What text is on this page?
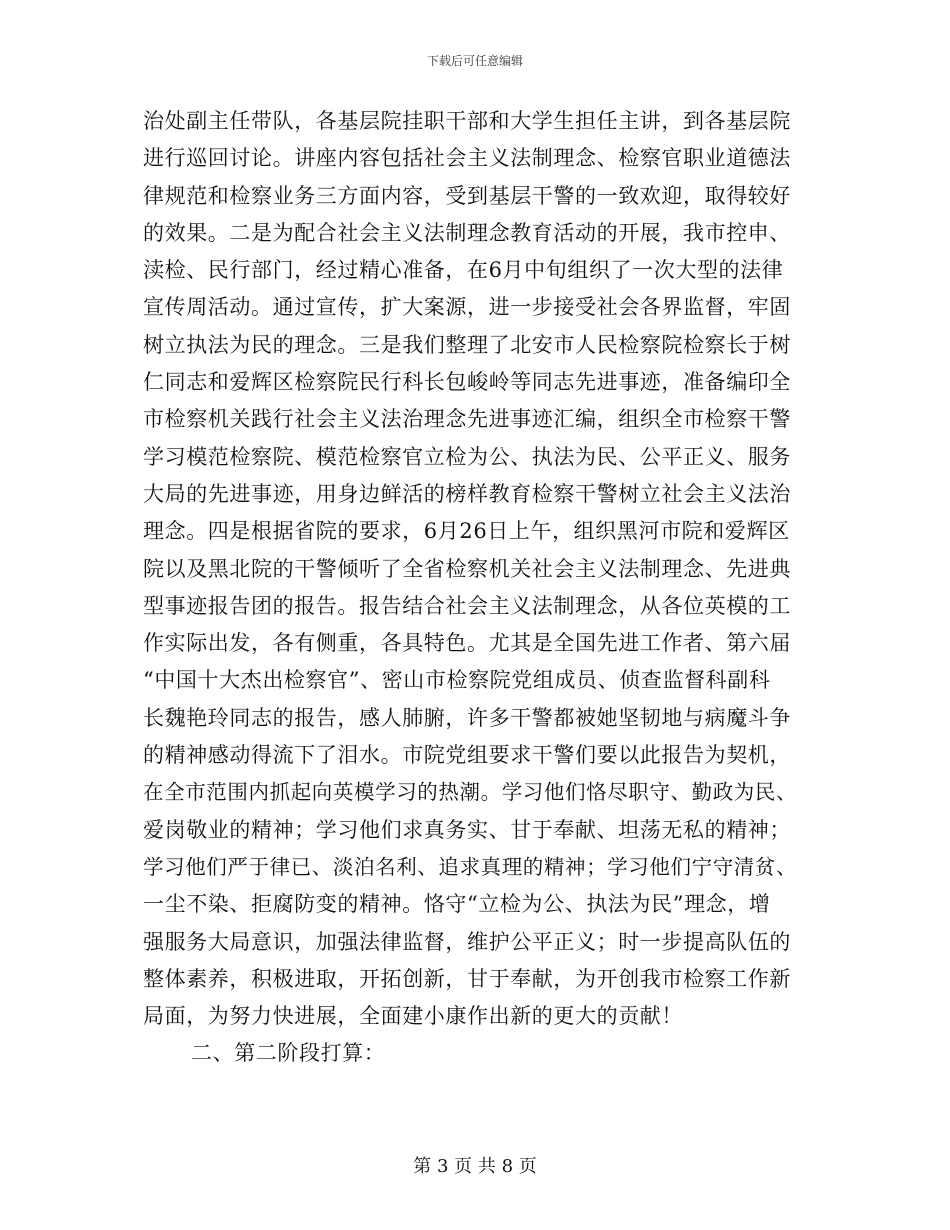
下载后可任意编辑
治处副主任带队，各基层院挂职干部和大学生担任主讲，到各基层院
进行巡回讨论。讲座内容包括社会主义法制理念、检察官职业道德法
律规范和检察业务三方面内容，受到基层干警的一致欢迎，取得较好
的效果。二是为配合社会主义法制理念教育活动的开展，我市控申、
渎检、民行部门，经过精心准备，在6月中旬组织了一次大型的法律
宣传周活动。通过宣传，扩大案源，进一步接受社会各界监督，牢固
树立执法为民的理念。三是我们整理了北安市人民检察院检察长于树
仁同志和爱辉区检察院民行科长包峻岭等同志先进事迹，准备编印全
市检察机关践行社会主义法治理念先进事迹汇编，组织全市检察干警
学习模范检察院、模范检察官立检为公、执法为民、公平正义、服务
大局的先进事迹，用身边鲜活的榜样教育检察干警树立社会主义法治
理念。四是根据省院的要求，6月26日上午，组织黑河市院和爱辉区
院以及黑北院的干警倾听了全省检察机关社会主义法制理念、先进典
型事迹报告团的报告。报告结合社会主义法制理念，从各位英模的工
作实际出发，各有侧重，各具特色。尤其是全国先进工作者、第六届
“中国十大杰出检察官”、密山市检察院党组成员、侦查监督科副科
长魏艳玲同志的报告，感人肺腑，许多干警都被她坚韧地与病魔斗争
的精神感动得流下了泪水。市院党组要求干警们要以此报告为契机，
在全市范围内抓起向英模学习的热潮。学习他们恪尽职守、勤政为民、
爱岗敬业的精神；学习他们求真务实、甘于奉献、坦荡无私的精神；
学习他们严于律已、淡泊名利、追求真理的精神；学习他们宁守清贫、
一尘不染、拒腐防变的精神。恪守“立检为公、执法为民”理念，增
强服务大局意识，加强法律监督，维护公平正义；时一步提高队伍的
整体素养，积极进取，开拓创新，甘于奉献，为开创我市检察工作新
局面，为努力快进展，全面建小康作出新的更大的贡献！
二、第二阶段打算：
第 3 页 共 8 页
